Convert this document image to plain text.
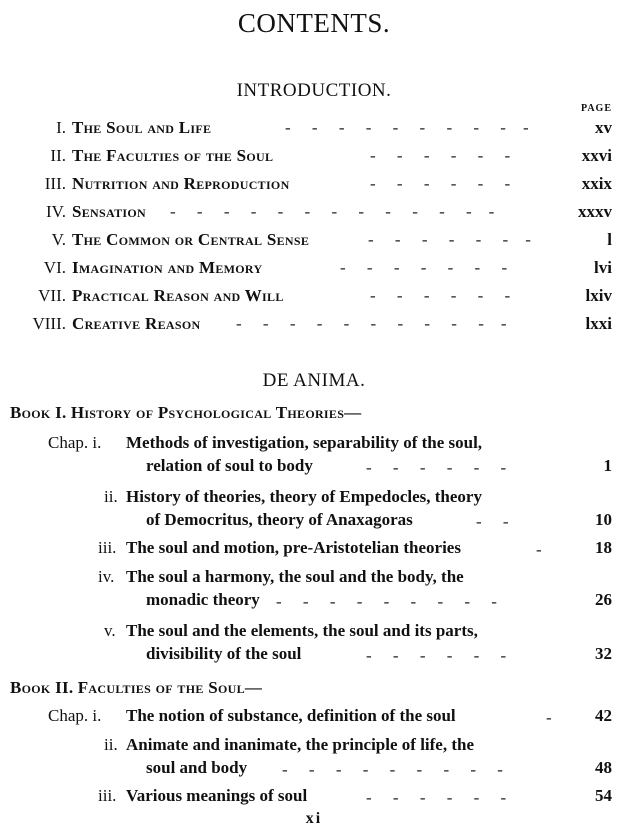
CONTENTS.
INTRODUCTION.
PAGE
I. The Soul and Life	-     -     -     -     -     -     -     -     -    -	xv
II. The Faculties of the Soul	-     -     -     -     -     -	xxvi
III. Nutrition and Reproduction	-     -     -     -     -     -	xxix
IV. Sensation -     -     -     -     -     -     -     -     -     -     -     -    -	xxxv
V. The Common or Central Sense	-     -     -     -     -     -    -	l
VI. Imagination and Memory	-     -     -     -     -     -     -	lvi
VII. Practical Reason and Will	-     -     -     -     -     -	lxiv
VIII. Creative Reason -     -     -     -     -     -     -     -     -     -    -	lxxi
DE ANIMA.
Book I. History of Psychological Theories—
Chap. i. Methods of investigation, separability of the soul,
relation of soul to body	-     -     -     -     -     -	1
ii. History of theories, theory of Empedocles, theory
of Democritus, theory of Anaxagoras	-     -	10
iii. The soul and motion, pre-Aristotelian theories	-	18
iv. The soul a harmony, the soul and the body, the
monadic theory -     -     -     -     -     -     -     -     -	26
v. The soul and the elements, the soul and its parts,
divisibility of the soul	-     -     -     -     -     -	32
Book II. Faculties of the Soul—
Chap. i. The notion of substance, definition of the soul	-	42
ii. Animate and inanimate, the principle of life, the
soul and body -     -     -     -     -     -     -     -     -	48
iii. Various meanings of soul	-     -     -     -     -     -	54
xi
